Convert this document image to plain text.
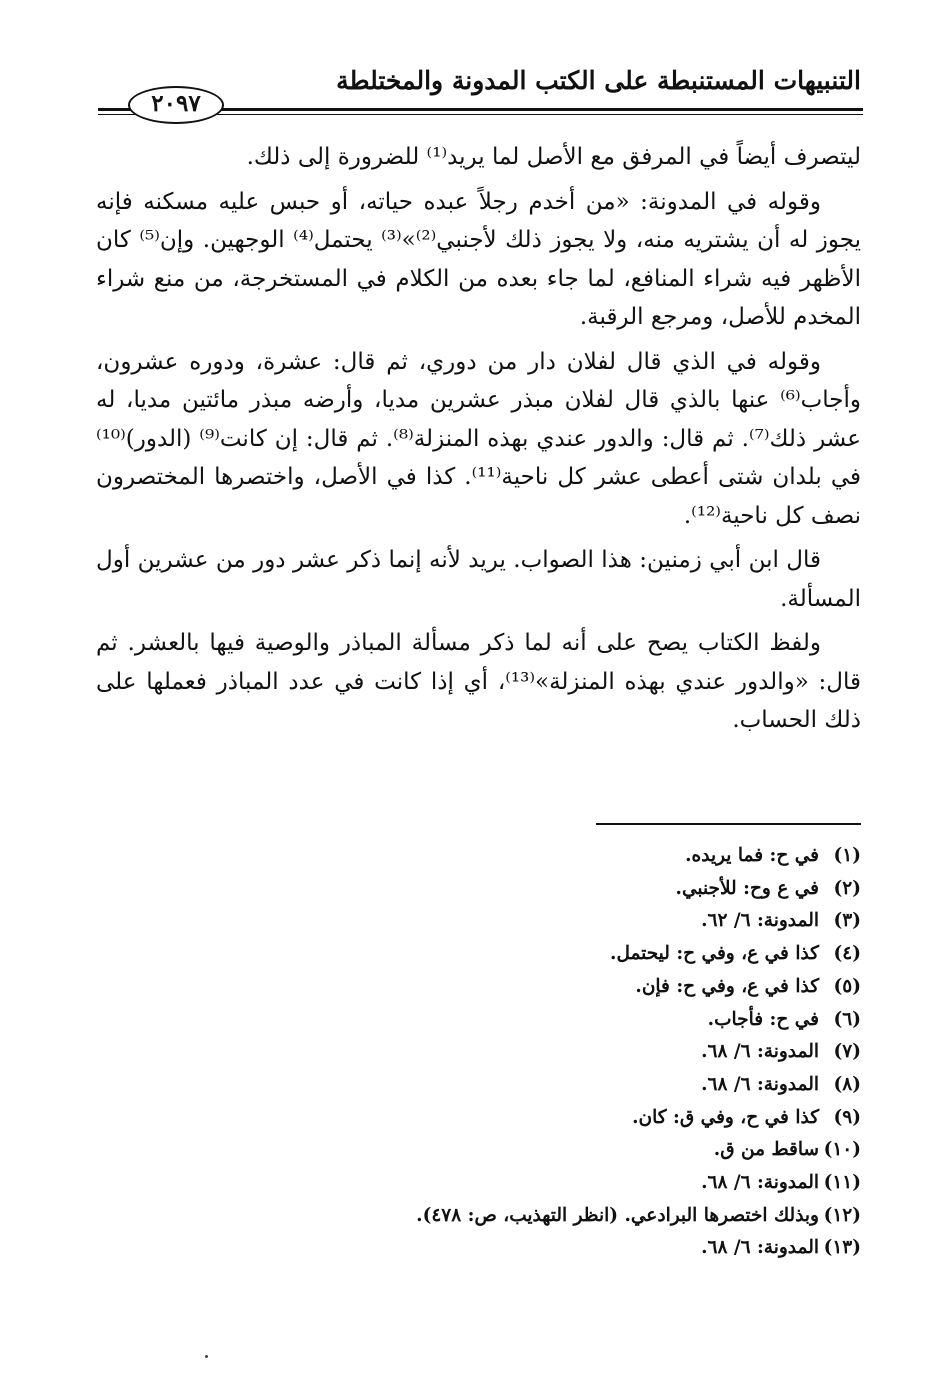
التنبيهات المستنبطة على الكتب المدونة والمختلطة
٢٠٩٧

ليتصرف أيضاً في المرفق مع الأصل لما يريد⁽¹⁾ للضرورة إلى ذلك.

وقوله في المدونة: «من أخدم رجلاً عبده حياته، أو حبس عليه مسكنه فإنه يجوز له أن يشتريه منه، ولا يجوز ذلك لأجنبي⁽²⁾»⁽³⁾ يحتمل⁽⁴⁾ الوجهين. وإن⁽⁵⁾ كان الأظهر فيه شراء المنافع، لما جاء بعده من الكلام في المستخرجة، من منع شراء المخدم للأصل، ومرجع الرقبة.

وقوله في الذي قال لفلان دار من دوري، ثم قال: عشرة، ودوره عشرون، وأجاب⁽⁶⁾ عنها بالذي قال لفلان مبذر عشرين مديا، وأرضه مبذر مائتين مديا، له عشر ذلك⁽⁷⁾. ثم قال: والدور عندي بهذه المنزلة⁽⁸⁾. ثم قال: إن كانت⁽⁹⁾ (الدور)⁽¹⁰⁾ في بلدان شتى أعطى عشر كل ناحية⁽¹¹⁾. كذا في الأصل، واختصرها المختصرون نصف كل ناحية⁽¹²⁾.

قال ابن أبي زمنين: هذا الصواب. يريد لأنه إنما ذكر عشر دور من عشرين أول المسألة.

ولفظ الكتاب يصح على أنه لما ذكر مسألة المباذر والوصية فيها بالعشر. ثم قال: «والدور عندي بهذه المنزلة»⁽¹³⁾، أي إذا كانت في عدد المباذر فعملها على ذلك الحساب.

(١)في ح: فما يريده.
(٢)في ع وح: للأجنبي.
(٣)المدونة: ٦/ ٦٢.
(٤)كذا في ع، وفي ح: ليحتمل.
(٥)كذا في ع، وفي ح: فإن.
(٦)في ح: فأجاب.
(٧)المدونة: ٦/ ٦٨.
(٨)المدونة: ٦/ ٦٨.
(٩)كذا في ح، وفي ق: كان.
(١٠)ساقط من ق.
(١١)المدونة: ٦/ ٦٨.
(١٢)وبذلك اختصرها البرادعي. (انظر التهذيب، ص: ٤٧٨).
(١٣)المدونة: ٦/ ٦٨.
